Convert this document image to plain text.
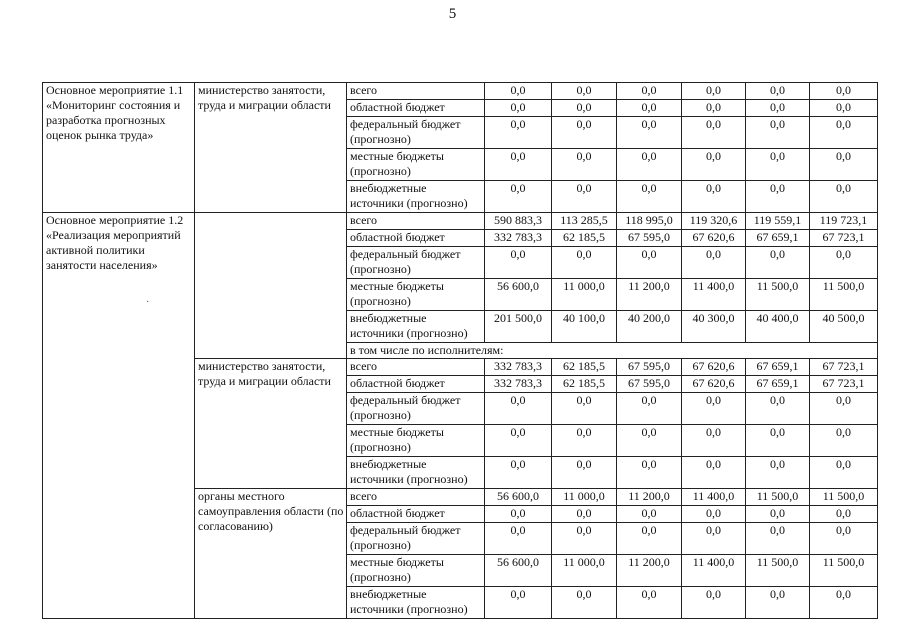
5
·
Основное мероприятие 1.1 «Мониторинг состояния и разработка прогнозных оценок рынка труда»	министерство занятости, труда и миграции области	всего	0,0	0,0	0,0	0,0	0,0	0,0
		областной бюджет	0,0	0,0	0,0	0,0	0,0	0,0
		федеральный бюджет (прогнозно)	0,0	0,0	0,0	0,0	0,0	0,0
		местные бюджеты (прогнозно)	0,0	0,0	0,0	0,0	0,0	0,0
		внебюджетные источники (прогнозно)	0,0	0,0	0,0	0,0	0,0	0,0
Основное мероприятие 1.2 «Реализация мероприятий активной политики занятости населения»		всего	590 883,3	113 285,5	118 995,0	119 320,6	119 559,1	119 723,1
		областной бюджет	332 783,3	62 185,5	67 595,0	67 620,6	67 659,1	67 723,1
		федеральный бюджет (прогнозно)	0,0	0,0	0,0	0,0	0,0	0,0
		местные бюджеты (прогнозно)	56 600,0	11 000,0	11 200,0	11 400,0	11 500,0	11 500,0
		внебюджетные источники (прогнозно)	201 500,0	40 100,0	40 200,0	40 300,0	40 400,0	40 500,0
		в том числе по исполнителям:						
	министерство занятости, труда и миграции области	всего	332 783,3	62 185,5	67 595,0	67 620,6	67 659,1	67 723,1
		областной бюджет	332 783,3	62 185,5	67 595,0	67 620,6	67 659,1	67 723,1
		федеральный бюджет (прогнозно)	0,0	0,0	0,0	0,0	0,0	0,0
		местные бюджеты (прогнозно)	0,0	0,0	0,0	0,0	0,0	0,0
		внебюджетные источники (прогнозно)	0,0	0,0	0,0	0,0	0,0	0,0
	органы местного самоуправления области (по согласованию)	всего	56 600,0	11 000,0	11 200,0	11 400,0	11 500,0	11 500,0
		областной бюджет	0,0	0,0	0,0	0,0	0,0	0,0
		федеральный бюджет (прогнозно)	0,0	0,0	0,0	0,0	0,0	0,0
		местные бюджеты (прогнозно)	56 600,0	11 000,0	11 200,0	11 400,0	11 500,0	11 500,0
		внебюджетные источники (прогнозно)	0,0	0,0	0,0	0,0	0,0	0,0
